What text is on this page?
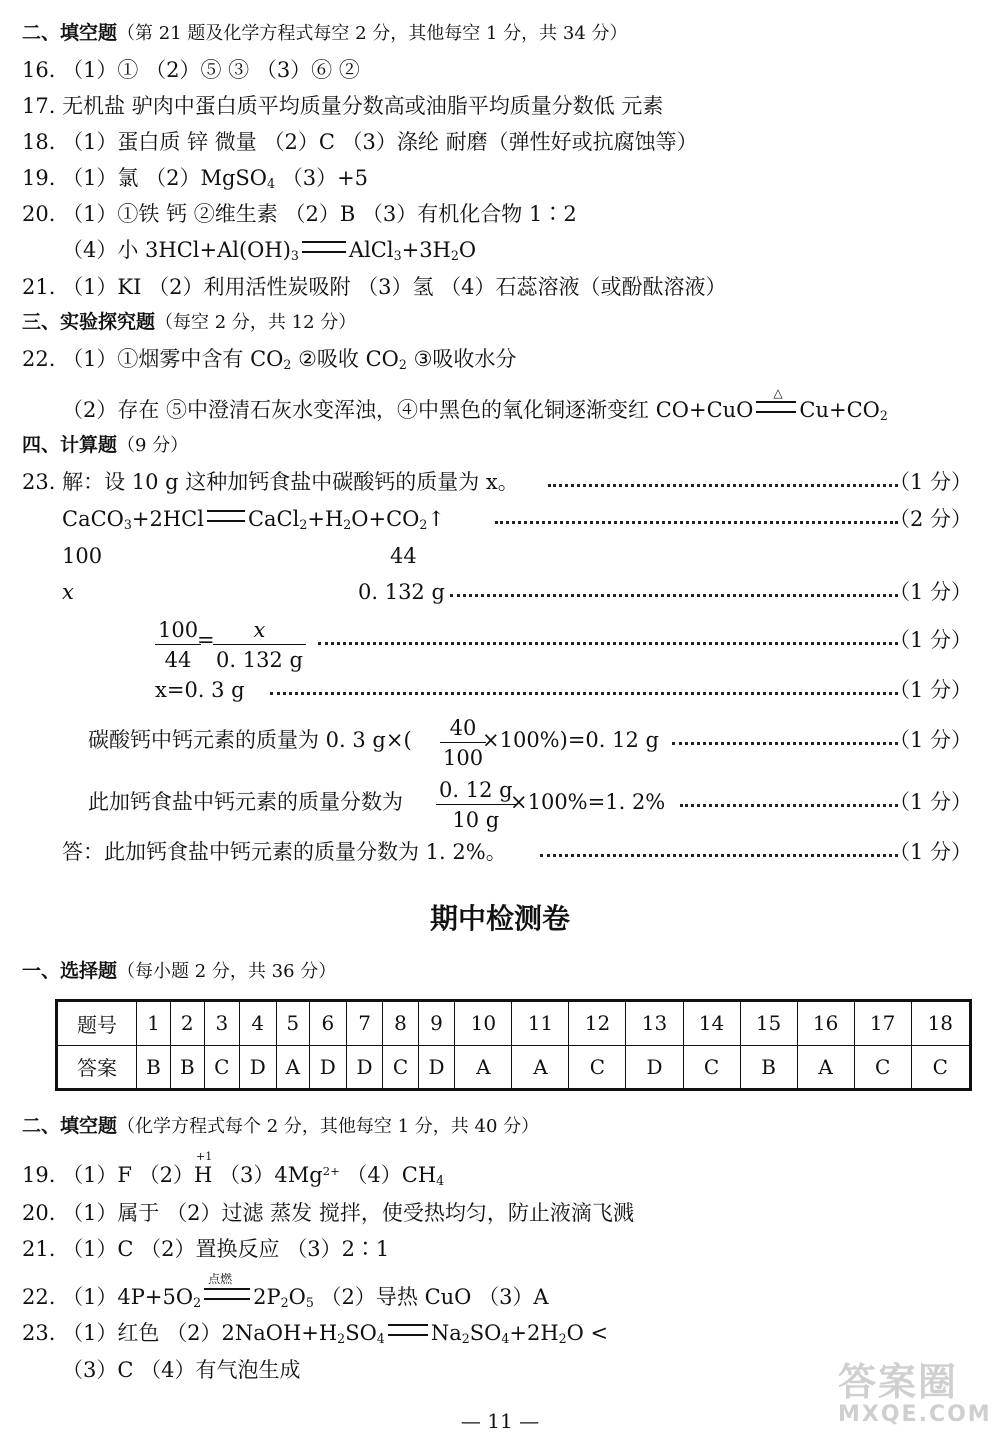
二、填空题（第 21 题及化学方程式每空 2 分，其他每空 1 分，共 34 分）
16. （1）① （2）⑤ ③ （3）⑥ ②
17. 无机盐 驴肉中蛋白质平均质量分数高或油脂平均质量分数低 元素
18. （1）蛋白质 锌 微量 （2）C （3）涤纶 耐磨（弹性好或抗腐蚀等）
19. （1）氯 （2）MgSO$_4$ （3）+5
20. （1）①铁 钙 ②维生素 （2）B （3）有机化合物 1∶2
（4）小 $3HCl+Al(OH)_3$ $AlCl_3+3H_2O$
21. （1）KI （2）利用活性炭吸附 （3）氢 （4）石蕊溶液（或酚酞溶液）
三、实验探究题（每空 2 分，共 12 分）
22. （1）①烟雾中含有 $CO_2$ ②吸收 $CO_2$ ③吸收水分
（2）存在 ⑤中澄清石灰水变浑浊，④中黑色的氧化铜逐渐变红 CO+CuO
△
$Cu+CO_2$
四、计算题（9 分）
23. 解：设 10 g 这种加钙食盐中碳酸钙的质量为 x。	（1 分）
CaCO$_3$+2HCl $CaCl_2+H_2O+CO_2↑$	（2 分）
100	44
x	0. 132 g	（1 分）
$\frac{100}{44}$
=
$\frac{x}{0. 132 g}$	（1 分）
x=0. 3 g	（1 分）
碳酸钙中钙元素的质量为 0. 3 $g\times( \frac{40}{100}$
×100%)=0. 12 g	（1 分）
此加钙食盐中钙元素的质量分数为 $\frac{0. 12 g}{10 g}$
×100%=1. 2%	（1 分）
答：此加钙食盐中钙元素的质量分数为 1. 2%。	（1 分）
期中检测卷
一、选择题（每小题 2 分，共 36 分）
题号	1	2	3	4	5	6	7	8	9	10	11	12	13	14	15	16	17	18
答案	B	B	C	D	A	D	D	C	D	A	A	C	D	C	B	A	C	C
二、填空题（化学方程式每个 2 分，其他每空 1 分，共 40 分）
19. （1）F （2）
+1
H $(3)4Mg^{2+}$ $(4)CH_4$
20. （1）属于 （2）过滤 蒸发 搅拌，使受热均匀，防止液滴飞溅
21. （1）C （2）置换反应 （3）2∶1
22. $(1)4P+5O_2$
点燃
$2P_2O_5$ （2）导热 CuO （3）A
23. （1）红色 $(2)2NaOH+H_2SO_4$ $Na_2SO_4+2H_2O$ <
（3）C （4）有气泡生成
— 11 —
答案圈
MXQE.COM
